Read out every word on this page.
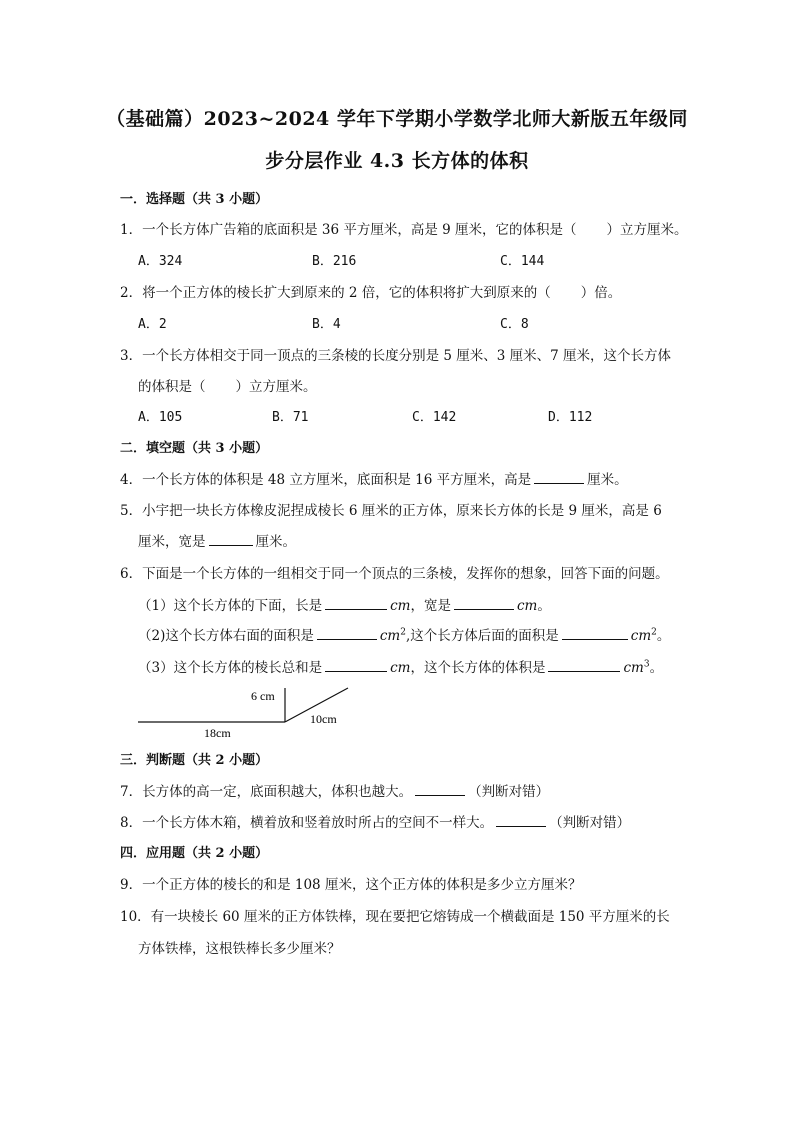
（基础篇）2023~2024 学年下学期小学数学北师大新版五年级同
步分层作业 4.3 长方体的体积
一．选择题（共 3 小题）
1．一个长方体广告箱的底面积是 36 平方厘米，高是 9 厘米，它的体积是（ ）立方厘米。
A．324	B．216	C．144
2．将一个正方体的棱长扩大到原来的 2 倍，它的体积将扩大到原来的（ ）倍。
A．2	B．4	C．8
3．一个长方体相交于同一顶点的三条棱的长度分别是 5 厘米、3 厘米、7 厘米，这个长方体
的体积是（ ）立方厘米。
A．105	B．71	C．142	D．112
二．填空题（共 3 小题）
4．一个长方体的体积是 48 立方厘米，底面积是 16 平方厘米，高是	厘米。
5．小宇把一块长方体橡皮泥捏成棱长 6 厘米的正方体，原来长方体的长是 9 厘米，高是 6
厘米，宽是	厘米。
6．下面是一个长方体的一组相交于同一个顶点的三条棱，发挥你的想象，回答下面的问题。
（1）这个长方体的下面，长是	cm，宽是	cm。
（2)这个长方体右面的面积是	$cm^2$,这个长方体后面的面积是	$cm^2$。
（3）这个长方体的棱长总和是	cm，这个长方体的体积是	$cm^3$。
6 cm
10cm
18cm
三．判断题（共 2 小题）
7．长方体的高一定，底面积越大，体积也越大。	（判断对错）
8．一个长方体木箱，横着放和竖着放时所占的空间不一样大。	（判断对错）
四．应用题（共 2 小题）
9．一个正方体的棱长的和是 108 厘米，这个正方体的体积是多少立方厘米？
10．有一块棱长 60 厘米的正方体铁棒，现在要把它熔铸成一个横截面是 150 平方厘米的长
方体铁棒，这根铁棒长多少厘米？
